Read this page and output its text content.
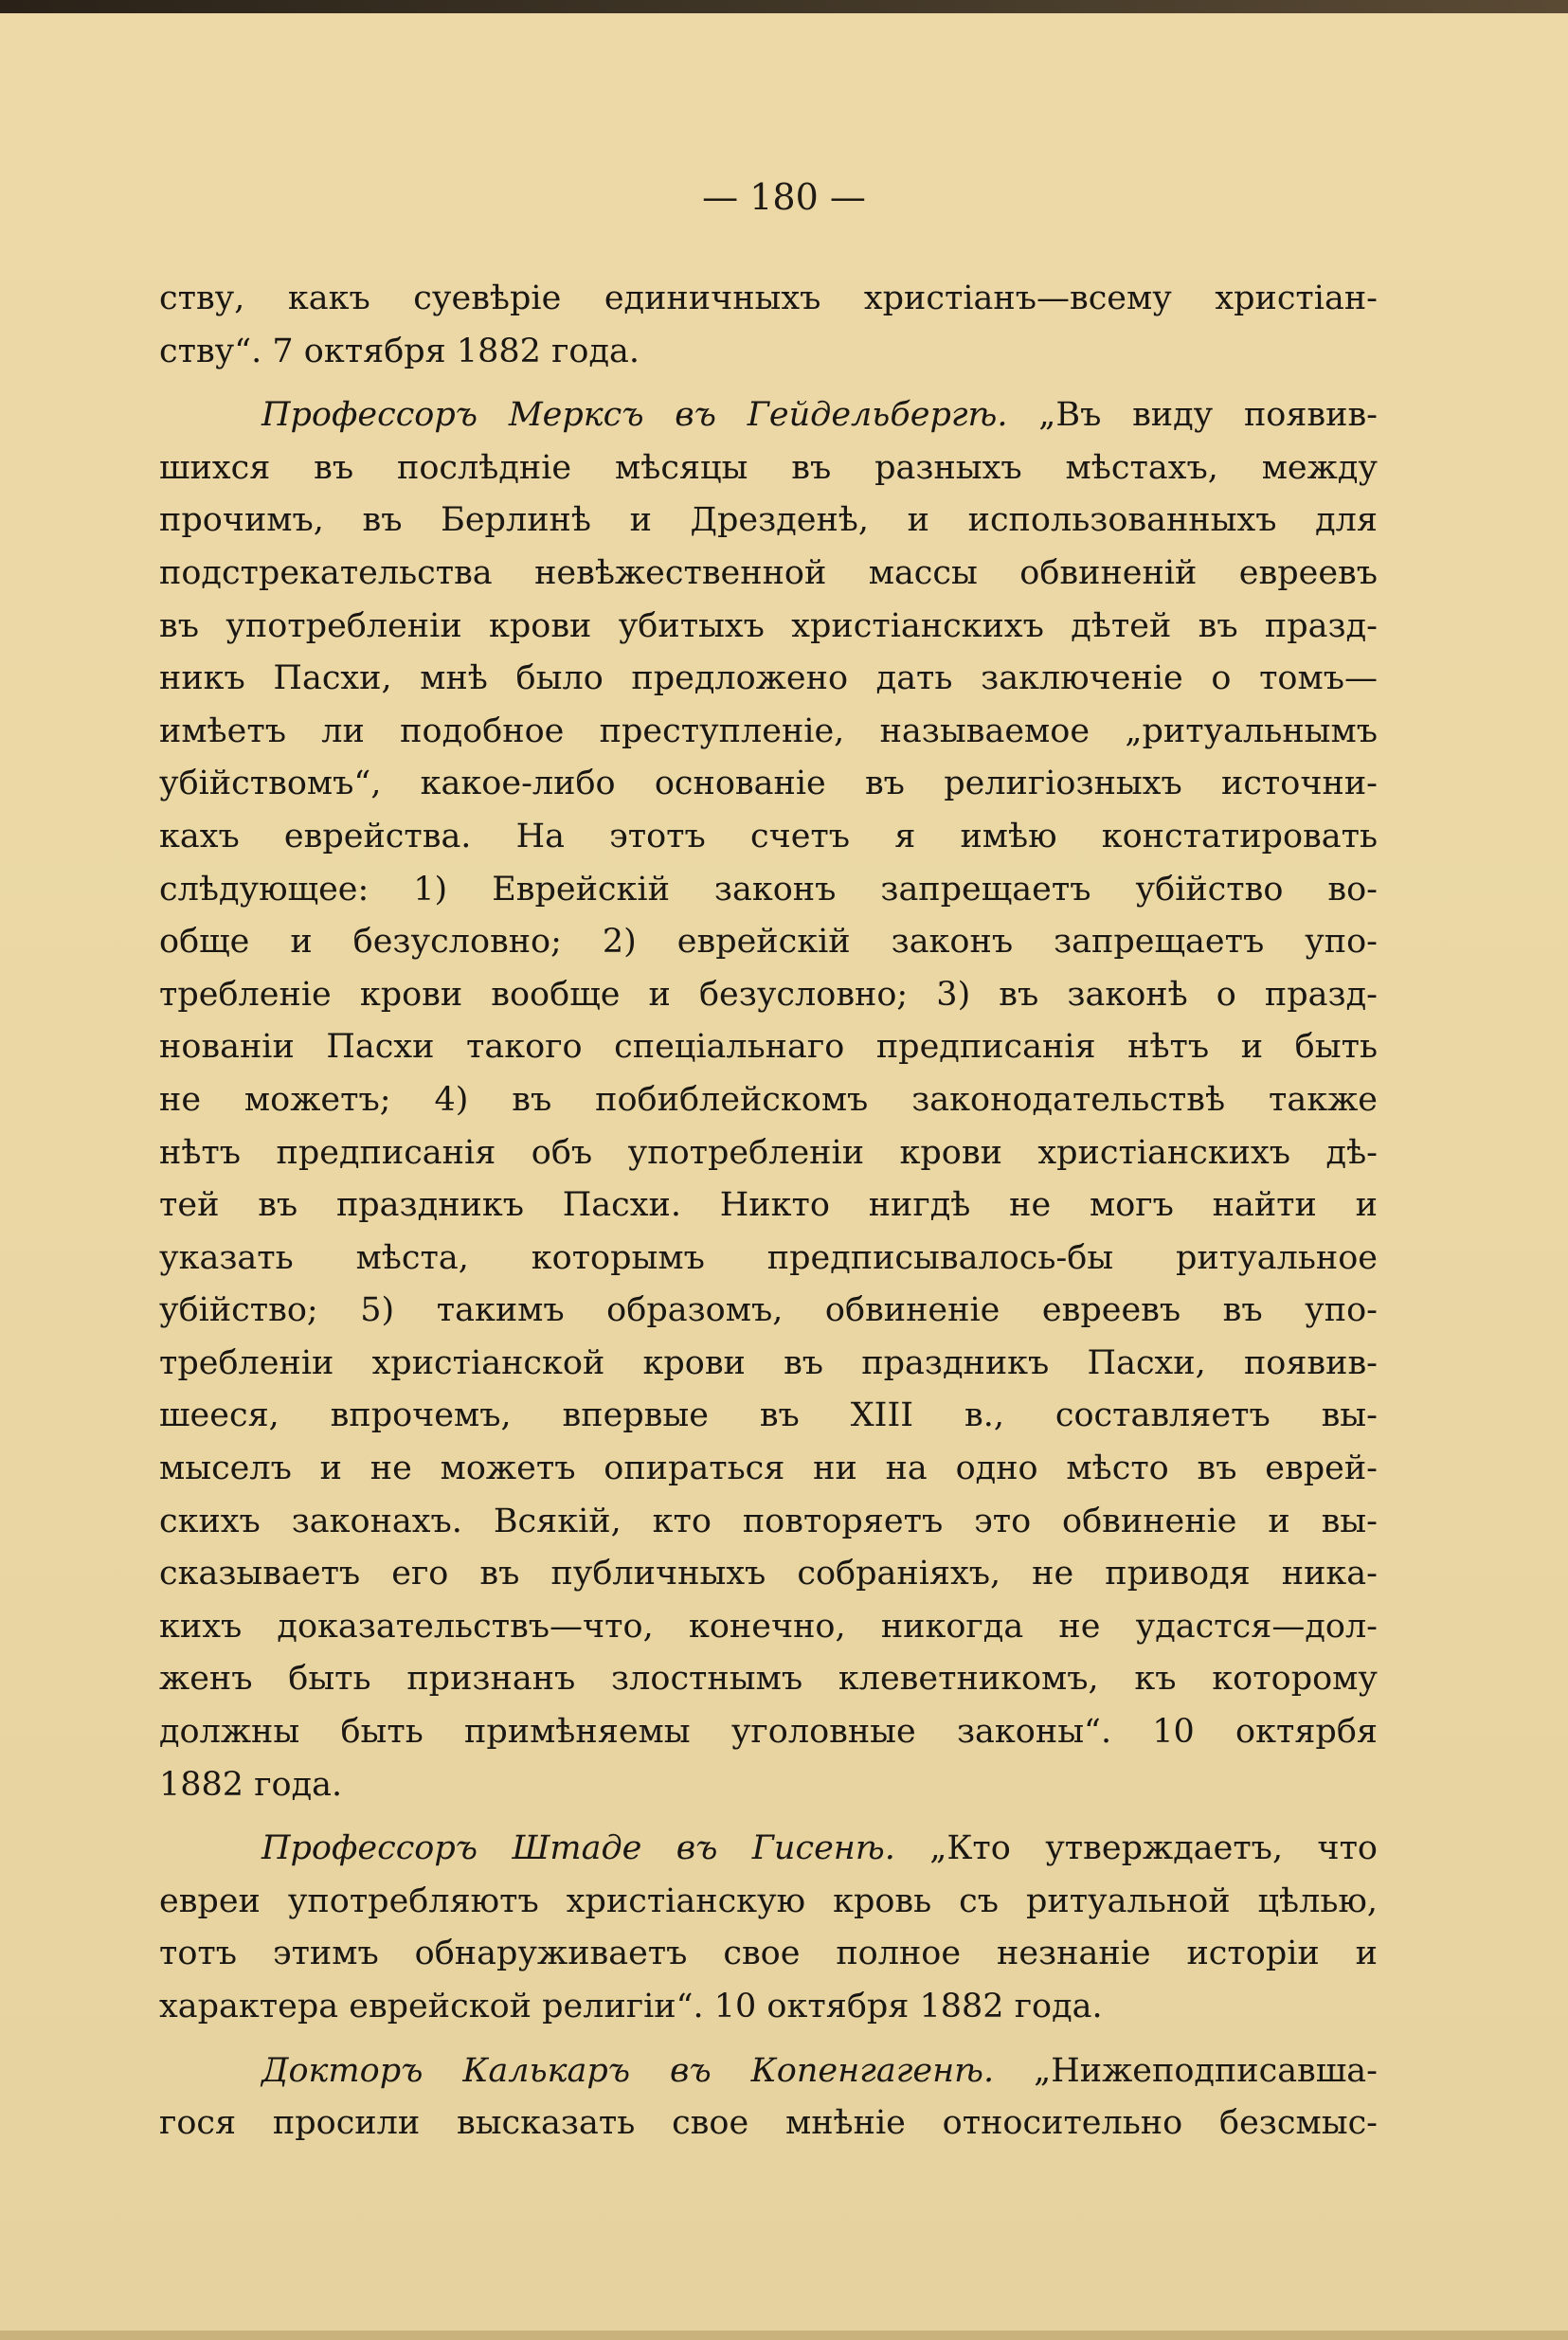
— 180 —
ству, какъ суевѣріе единичныхъ христіанъ—всему христіан-
ству“. 7 октября 1882 года.
Профессоръ Мерксъ въ Гейдельбергѣ. „Въ виду появив-
шихся въ послѣдніе мѣсяцы въ разныхъ мѣстахъ, между
прочимъ, въ Берлинѣ и Дрезденѣ, и использованныхъ для
подстрекательства невѣжественной массы обвиненій евреевъ
въ употребленіи крови убитыхъ христіанскихъ дѣтей въ празд-
никъ Пасхи, мнѣ было предложено дать заключеніе о томъ—
имѣетъ ли подобное преступленіе, называемое „ритуальнымъ
убійствомъ“, какое-либо основаніе въ религіозныхъ источни-
кахъ еврейства. На этотъ счетъ я имѣю констатировать
слѣдующее: 1) Еврейскій законъ запрещаетъ убійство во-
обще и безусловно; 2) еврейскій законъ запрещаетъ упо-
требленіе крови вообще и безусловно; 3) въ законѣ о празд-
нованіи Пасхи такого спеціальнаго предписанія нѣтъ и быть
не можетъ; 4) въ побиблейскомъ законодательствѣ также
нѣтъ предписанія объ употребленіи крови христіанскихъ дѣ-
тей въ праздникъ Пасхи. Никто нигдѣ не могъ найти и
указать мѣста, которымъ предписывалось-бы ритуальное
убійство; 5) такимъ образомъ, обвиненіе евреевъ въ упо-
требленіи христіанской крови въ праздникъ Пасхи, появив-
шееся, впрочемъ, впервые въ XIII в., составляетъ вы-
мыселъ и не можетъ опираться ни на одно мѣсто въ еврей-
скихъ законахъ. Всякій, кто повторяетъ это обвиненіе и вы-
сказываетъ его въ публичныхъ собраніяхъ, не приводя ника-
кихъ доказательствъ—что, конечно, никогда не удастся—дол-
женъ быть признанъ злостнымъ клеветникомъ, къ которому
должны быть примѣняемы уголовные законы“. 10 октярбя
1882 года.
Профессоръ Штаде въ Гисенѣ. „Кто утверждаетъ, что
евреи употребляютъ христіанскую кровь съ ритуальной цѣлью,
тотъ этимъ обнаруживаетъ свое полное незнаніе исторіи и
характера еврейской религіи“. 10 октября 1882 года.
Докторъ Калькаръ въ Копенгагенѣ. „Нижеподписавша-
гося просили высказать свое мнѣніе относительно безсмыс-
